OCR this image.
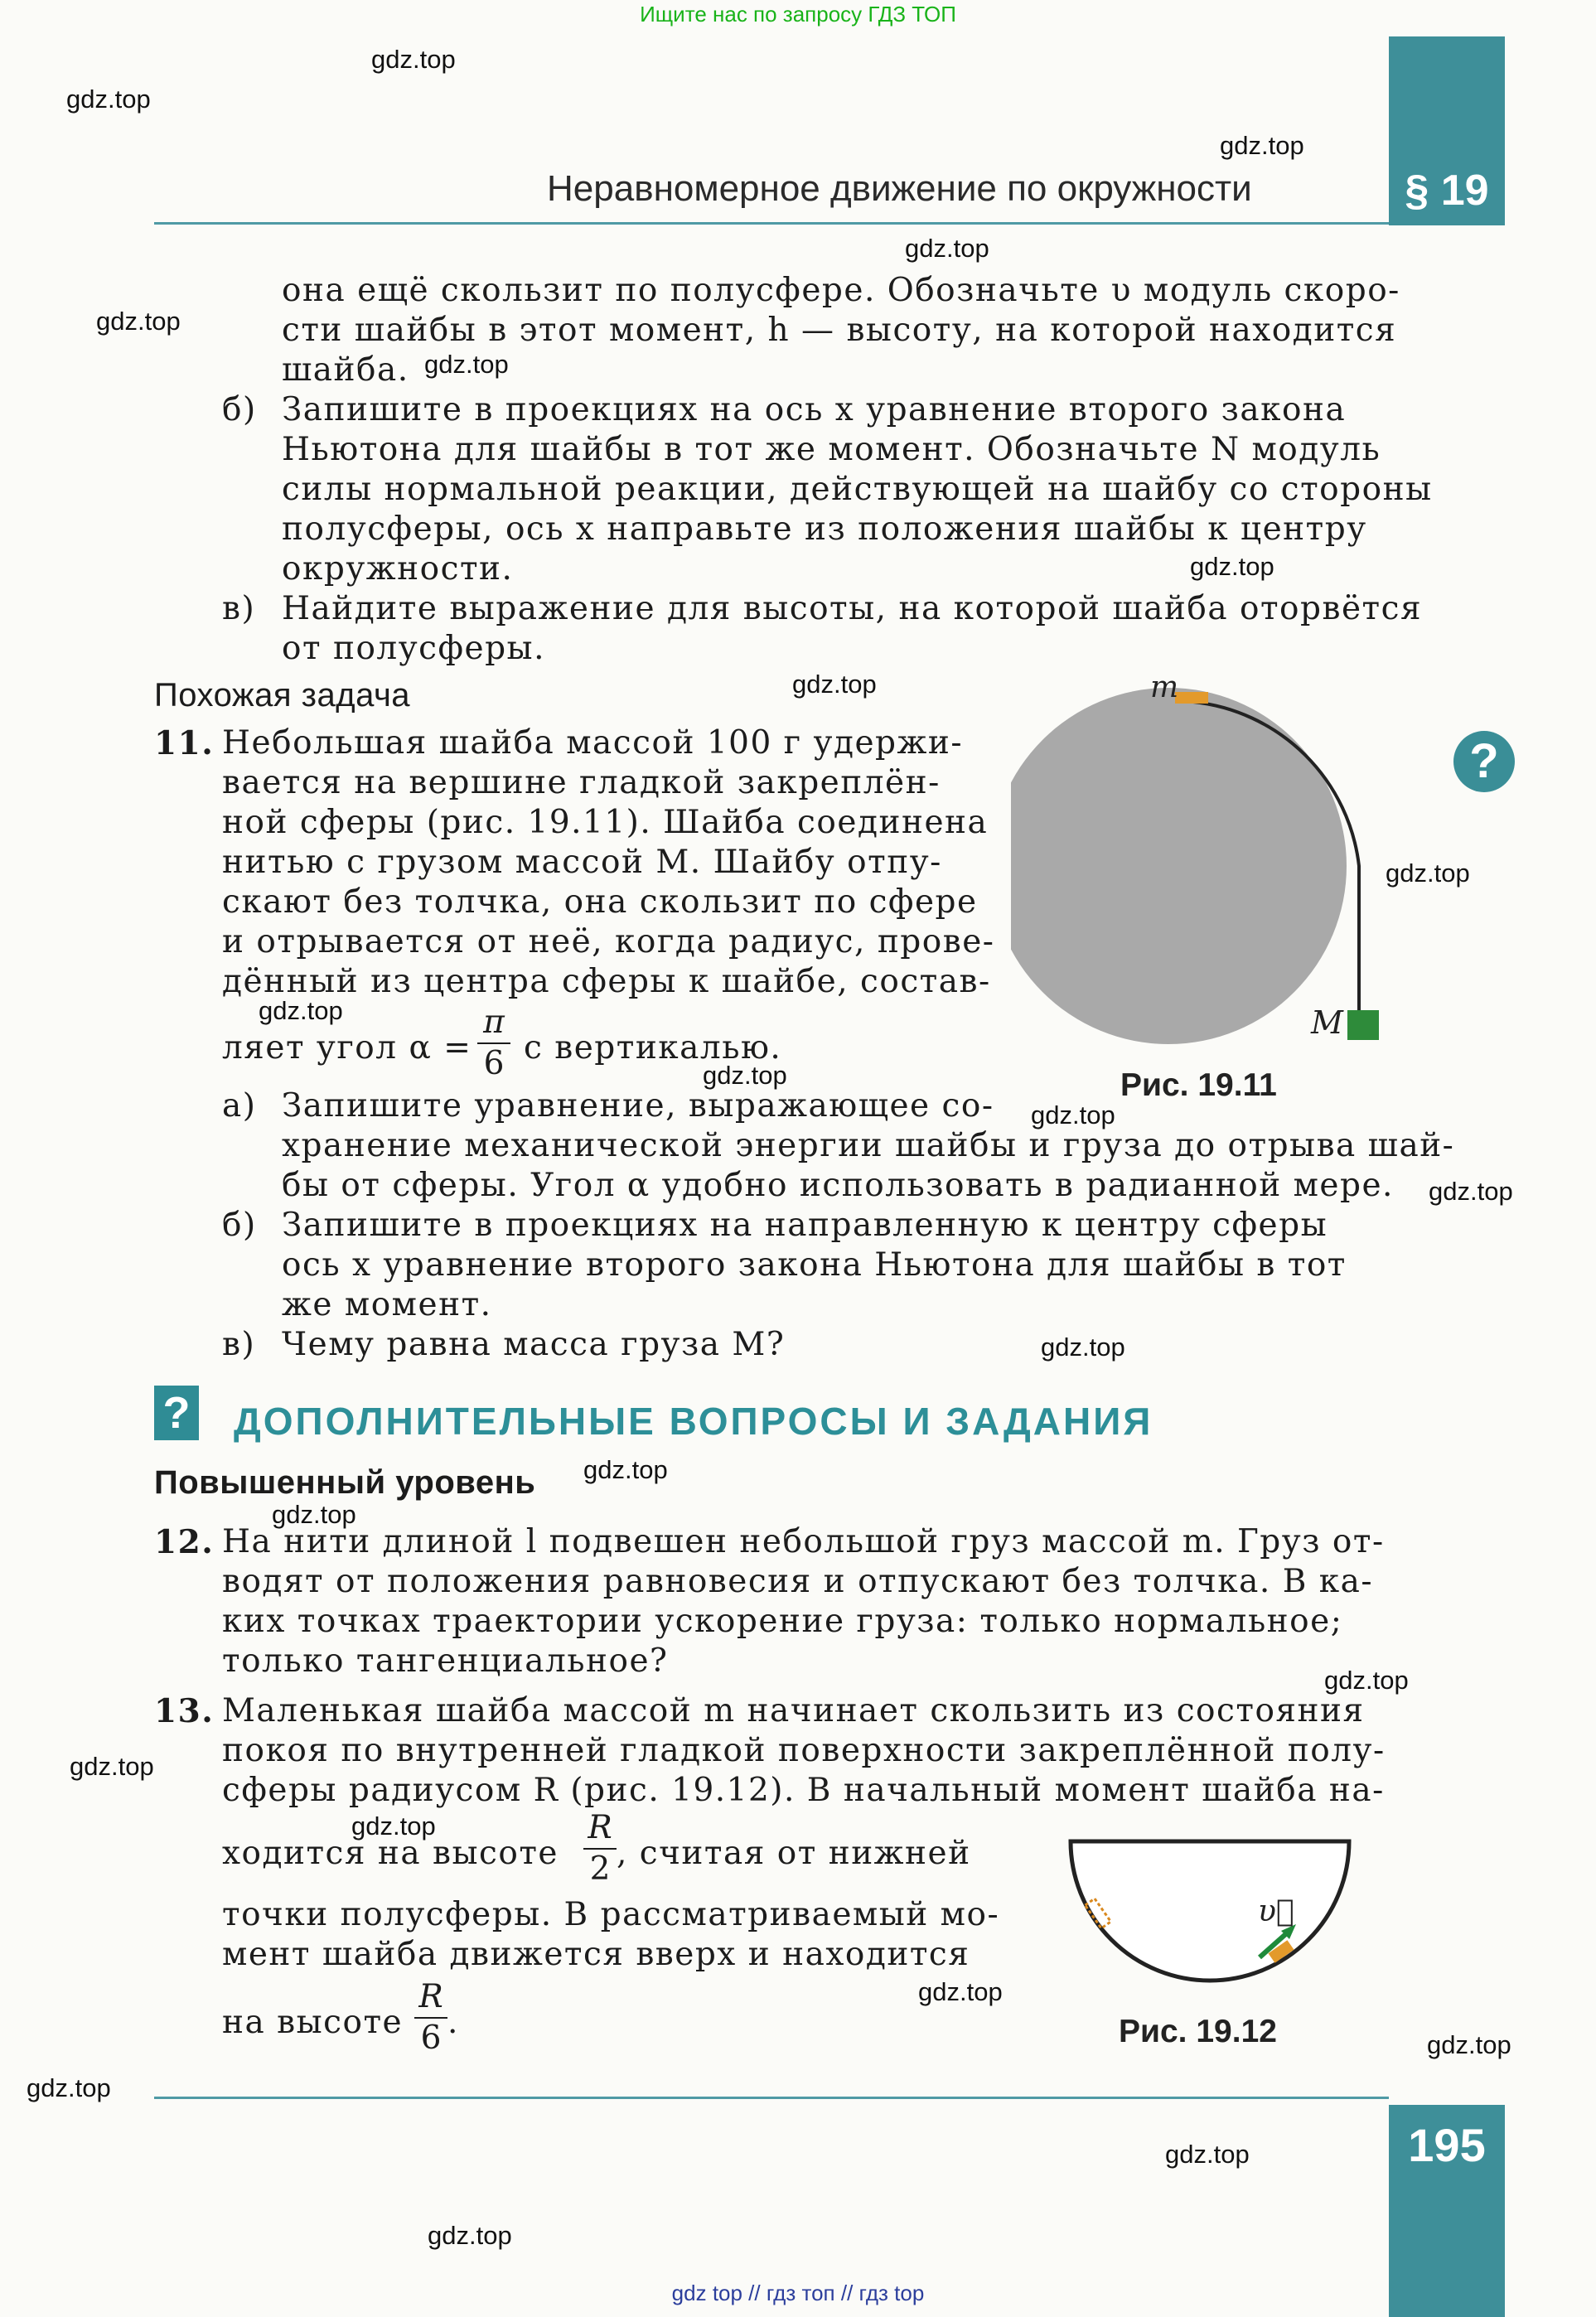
Ищите нас по запросу ГДЗ ТОП
gdz top // гдз топ // гдз top
Неравномерное движение по окружности	§ 19
?
она ещё скользит по полусфере. Обозначьте υ модуль скоро-
сти шайбы в этот момент, h — высоту, на которой находится
шайба.
б) Запишите в проекциях на ось x уравнение второго закона
Ньютона для шайбы в тот же момент. Обозначьте N модуль
силы нормальной реакции, действующей на шайбу со стороны
полусферы, ось x направьте из положения шайбы к центру
окружности.
в) Найдите выражение для высоты, на которой шайба оторвётся
от полусферы.
Похожая задача
11. Небольшая шайба массой 100 г удержи-
вается на вершине гладкой закреплён-
ной сферы (рис. 19.11). Шайба соединена
нитью с грузом массой M. Шайбу отпу-
скают без толчка, она скользит по сфере
и отрывается от неё, когда радиус, прове-
дённый из центра сферы к шайбе, состав-
ляет угол α =
π
6 с вертикалью.
а) Запишите уравнение, выражающее со-
хранение механической энергии шайбы и груза до отрыва шай-
бы от сферы. Угол α удобно использовать в радианной мере.
б) Запишите в проекциях на направленную к центру сферы
ось x уравнение второго закона Ньютона для шайбы в тот
же момент.
в) Чему равна масса груза M?
m
M
Рис. 19.11
? ДОПОЛНИТЕЛЬНЫЕ ВОПРОСЫ И ЗАДАНИЯ
Повышенный уровень
12. На нити длиной l подвешен небольшой груз массой m. Груз от-
водят от положения равновесия и отпускают без толчка. В ка-
ких точках траектории ускорение груза: только нормальное;
только тангенциальное?
13. Маленькая шайба массой m начинает скользить из состояния
покоя по внутренней гладкой поверхности закреплённой полу-
сферы радиусом R (рис. 19.12). В начальный момент шайба на-
ходится на высоте
R
2 , считая от нижней
точки полусферы. В рассматриваемый мо-
мент шайба движется вверх и находится
на высоте
R
6 .
υ⃗
Рис. 19.12
195
gdz.top
gdz.top
gdz.top
gdz.top
gdz.top
gdz.top
gdz.top
gdz.top
gdz.top
gdz.top
gdz.top
gdz.top
gdz.top
gdz.top
gdz.top
gdz.top
gdz.top
gdz.top
gdz.top
gdz.top
gdz.top
gdz.top
gdz.top
gdz.top
